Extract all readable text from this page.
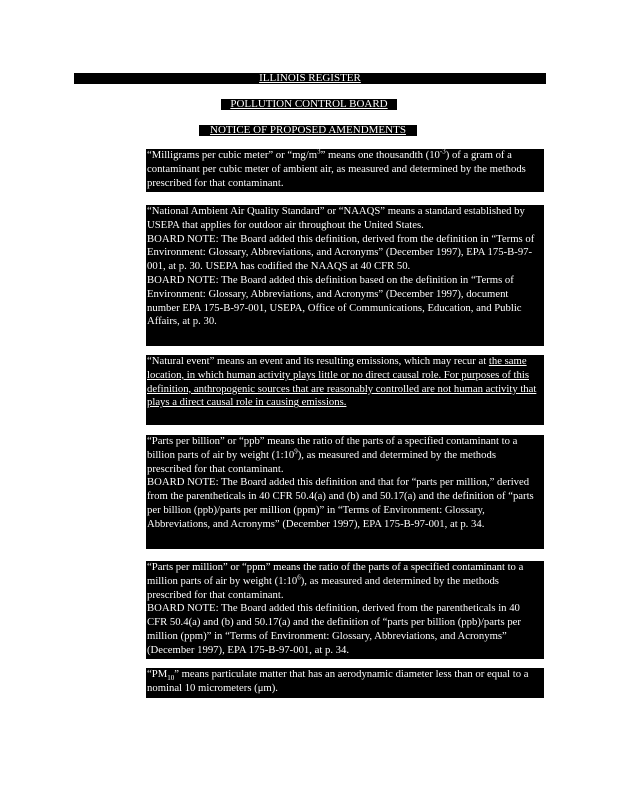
ILLINOIS REGISTER
POLLUTION CONTROL BOARD
NOTICE OF PROPOSED AMENDMENTS

“Milligrams per cubic meter” or “$mg/m^3$” means one thousandth $(10^{-3})$ of a gram of a contaminant per cubic meter of ambient air, as measured and determined by the methods prescribed for that contaminant.

“National Ambient Air Quality Standard” or “NAAQS” means a standard established by USEPA that applies for outdoor air throughout the United States.

BOARD NOTE: The Board added this definition, derived from the definition in “Terms of Environment: Glossary, Abbreviations, and Acronyms” (December 1997), EPA 175-B-97-001, at p. 30. USEPA has codified the NAAQS at 40 CFR 50.

BOARD NOTE: The Board added this definition based on the definition in “Terms of Environment: Glossary, Abbreviations, and Acronyms” (December 1997), document number EPA 175-B-97-001, USEPA, Office of Communications, Education, and Public Affairs, at p. 30.

“Natural event” means an event and its resulting emissions, which may recur at the same location, in which human activity plays little or no direct causal role. For purposes of this definition, anthropogenic sources that are reasonably controlled are not human activity that plays a direct causal role in causing emissions.

“Parts per billion” or “ppb” means the ratio of the parts of a specified contaminant to a billion parts of air by weight $(1:10^9)$, as measured and determined by the methods prescribed for that contaminant.

BOARD NOTE: The Board added this definition and that for “parts per million,” derived from the parentheticals in 40 CFR 50.4(a) and (b) and 50.17(a) and the definition of “parts per billion (ppb)/parts per million (ppm)” in “Terms of Environment: Glossary, Abbreviations, and Acronyms” (December 1997), EPA 175-B-97-001, at p. 34.

“Parts per million” or “ppm” means the ratio of the parts of a specified contaminant to a million parts of air by weight $(1:10^6)$, as measured and determined by the methods prescribed for that contaminant.

BOARD NOTE: The Board added this definition, derived from the parentheticals in 40 CFR 50.4(a) and (b) and 50.17(a) and the definition of “parts per billion (ppb)/parts per million (ppm)” in “Terms of Environment: Glossary, Abbreviations, and Acronyms” (December 1997), EPA 175-B-97-001, at p. 34.

“$PM_{10}$” means particulate matter that has an aerodynamic diameter less than or equal to a nominal 10 micrometers (μm).
